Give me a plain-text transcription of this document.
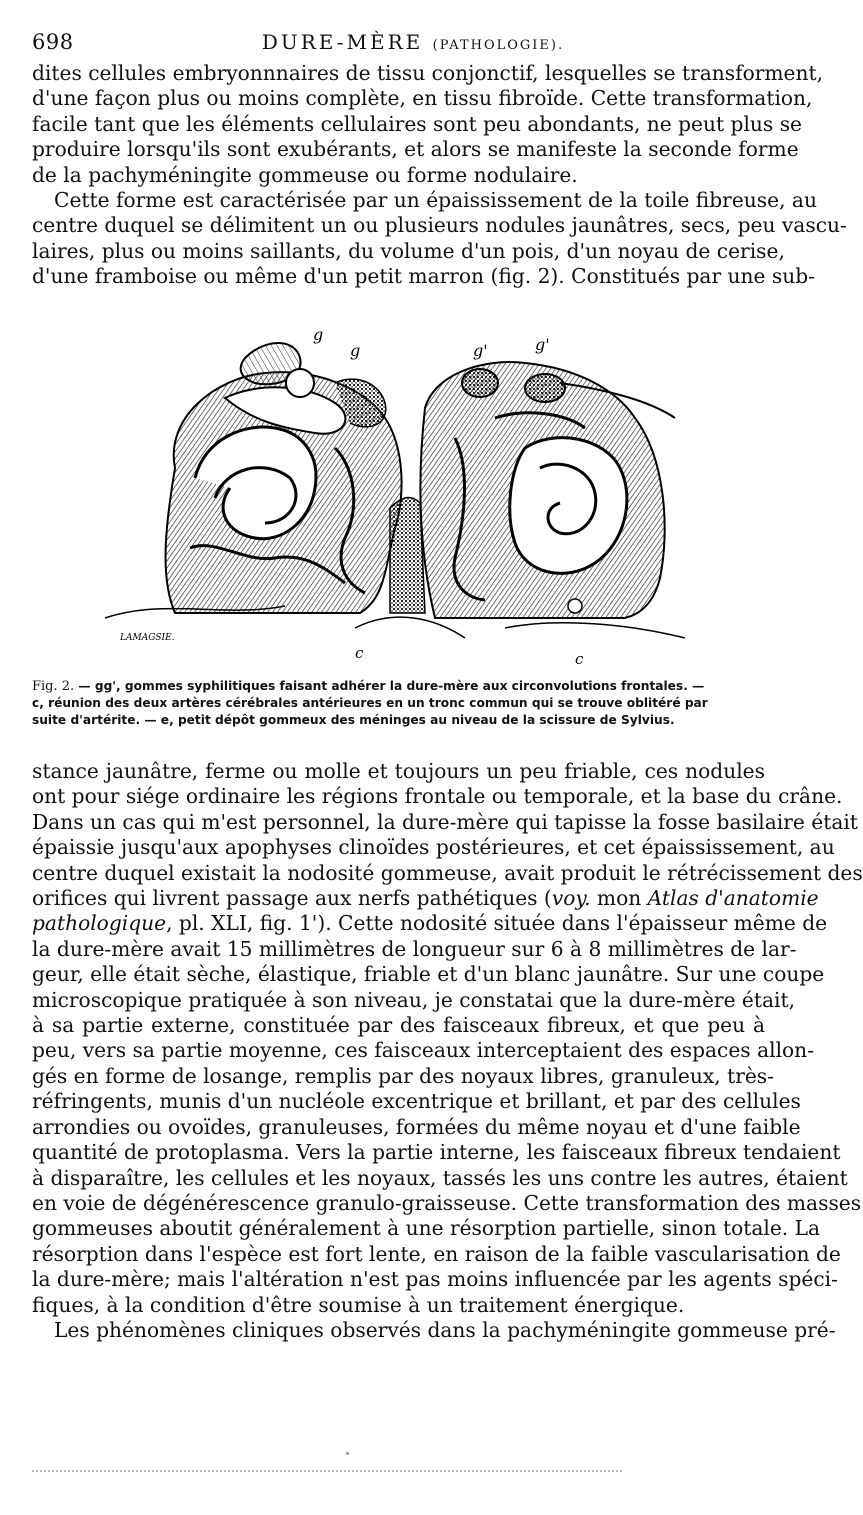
698	DURE-MÈRE (PATHOLOGIE).

dites cellules embryonnnaires de tissu conjonctif, lesquelles se transforment,
d'une façon plus ou moins complète, en tissu fibroïde. Cette transformation,
facile tant que les éléments cellulaires sont peu abondants, ne peut plus se
produire lorsqu'ils sont exubérants, et alors se manifeste la seconde forme
de la pachyméningite gommeuse ou forme nodulaire.

Cette forme est caractérisée par un épaississement de la toile fibreuse, au
centre duquel se délimitent un ou plusieurs nodules jaunâtres, secs, peu vascu-
laires, plus ou moins saillants, du volume d'un pois, d'un noyau de cerise,
d'une framboise ou même d'un petit marron (fig. 2). Constitués par une sub-

g
g	g'	g'
c	c
LAMAGSIE.
Fig. 2. — gg', gommes syphilitiques faisant adhérer la dure-mère aux circonvolutions frontales. —
c, réunion des deux artères cérébrales antérieures en un tronc commun qui se trouve oblitéré par
suite d'artérite. — e, petit dépôt gommeux des méninges au niveau de la scissure de Sylvius.

stance jaunâtre, ferme ou molle et toujours un peu friable, ces nodules
ont pour siége ordinaire les régions frontale ou temporale, et la base du crâne.
Dans un cas qui m'est personnel, la dure-mère qui tapisse la fosse basilaire était
épaissie jusqu'aux apophyses clinoïdes postérieures, et cet épaississement, au
centre duquel existait la nodosité gommeuse, avait produit le rétrécissement des
orifices qui livrent passage aux nerfs pathétiques (voy. mon Atlas d'anatomie
pathologique, pl. XLI, fig. 1'). Cette nodosité située dans l'épaisseur même de
la dure-mère avait 15 millimètres de longueur sur 6 à 8 millimètres de lar-
geur, elle était sèche, élastique, friable et d'un blanc jaunâtre. Sur une coupe
microscopique pratiquée à son niveau, je constatai que la dure-mère était,
à sa partie externe, constituée par des faisceaux fibreux, et que peu à
peu, vers sa partie moyenne, ces faisceaux interceptaient des espaces allon-
gés en forme de losange, remplis par des noyaux libres, granuleux, très-
réfringents, munis d'un nucléole excentrique et brillant, et par des cellules
arrondies ou ovoïdes, granuleuses, formées du même noyau et d'une faible
quantité de protoplasma. Vers la partie interne, les faisceaux fibreux tendaient
à disparaître, les cellules et les noyaux, tassés les uns contre les autres, étaient
en voie de dégénérescence granulo-graisseuse. Cette transformation des masses
gommeuses aboutit généralement à une résorption partielle, sinon totale. La
résorption dans l'espèce est fort lente, en raison de la faible vascularisation de
la dure-mère; mais l'altération n'est pas moins influencée par les agents spéci-
fiques, à la condition d'être soumise à un traitement énergique.

Les phénomènes cliniques observés dans la pachyméningite gommeuse pré-
